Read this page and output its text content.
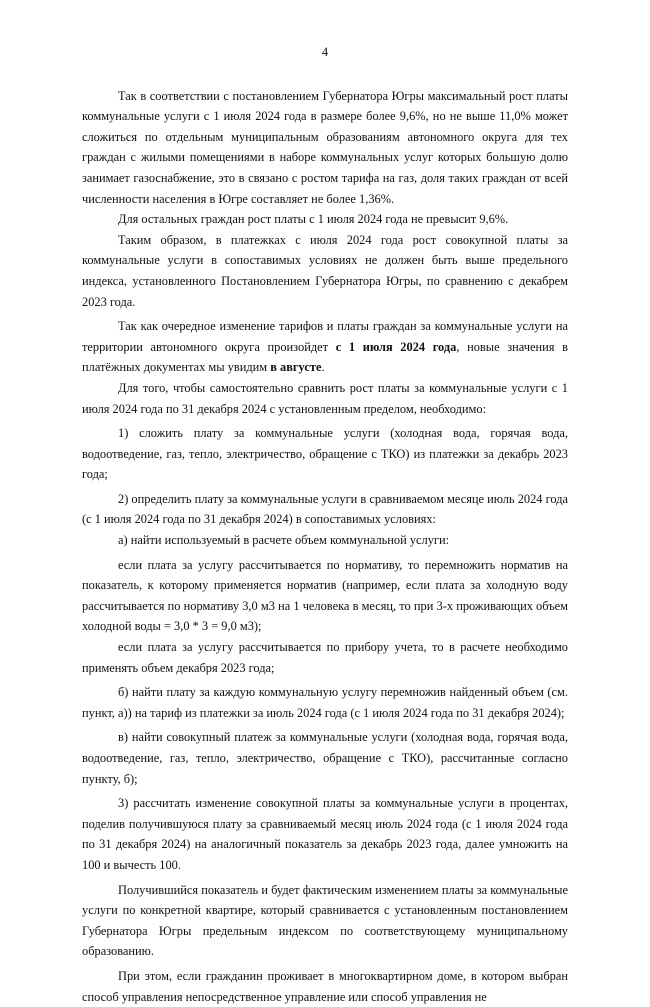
4

Так в соответствии с постановлением Губернатора Югры максимальный рост платы коммунальные услуги с 1 июля 2024 года в размере более 9,6%, но не выше 11,0% может сложиться по отдельным муниципальным образованиям автономного округа для тех граждан с жилыми помещениями в наборе коммунальных услуг которых большую долю занимает газоснабжение, это в связано с ростом тарифа на газ, доля таких граждан от всей численности населения в Югре составляет не более 1,36%.

Для остальных граждан рост платы с 1 июля 2024 года не превысит 9,6%.

Таким образом, в платежках с июля 2024 года рост совокупной платы за коммунальные услуги в сопоставимых условиях не должен быть выше предельного индекса, установленного Постановлением Губернатора Югры, по сравнению с декабрем 2023 года.

Так как очередное изменение тарифов и платы граждан за коммунальные услуги на территории автономного округа произойдет с 1 июля 2024 года, новые значения в платёжных документах мы увидим в августе.

Для того, чтобы самостоятельно сравнить рост платы за коммунальные услуги с 1 июля 2024 года по 31 декабря 2024 с установленным пределом, необходимо:

1) сложить плату за коммунальные услуги (холодная вода, горячая вода, водоотведение, газ, тепло, электричество, обращение с ТКО) из платежки за декабрь 2023 года;

2) определить плату за коммунальные услуги в сравниваемом месяце июль 2024 года (с 1 июля 2024 года по 31 декабря 2024) в сопоставимых условиях:

а) найти используемый в расчете объем коммунальной услуги:

если плата за услугу рассчитывается по нормативу, то перемножить норматив на показатель, к которому применяется норматив (например, если плата за холодную воду рассчитывается по нормативу 3,0 м3 на 1 человека в месяц, то при 3-х проживающих объем холодной воды = 3,0 * 3 = 9,0 м3);

если плата за услугу рассчитывается по прибору учета, то в расчете необходимо применять объем декабря 2023 года;

б) найти плату за каждую коммунальную услугу перемножив найденный объем (см. пункт, а)) на тариф из платежки за июль 2024 года (с 1 июля 2024 года по 31 декабря 2024);

в) найти совокупный платеж за коммунальные услуги (холодная вода, горячая вода, водоотведение, газ, тепло, электричество, обращение с ТКО), рассчитанные согласно пункту, б);

3) рассчитать изменение совокупной платы за коммунальные услуги в процентах, поделив получившуюся плату за сравниваемый месяц июль 2024 года (с 1 июля 2024 года по 31 декабря 2024) на аналогичный показатель за декабрь 2023 года, далее умножить на 100 и вычесть 100.

Получившийся показатель и будет фактическим изменением платы за коммунальные услуги по конкретной квартире, который сравнивается с установленным постановлением Губернатора Югры предельным индексом по соответствующему муниципальному образованию.

При этом, если гражданин проживает в многоквартирном доме, в котором выбран способ управления непосредственное управление или способ управления не
